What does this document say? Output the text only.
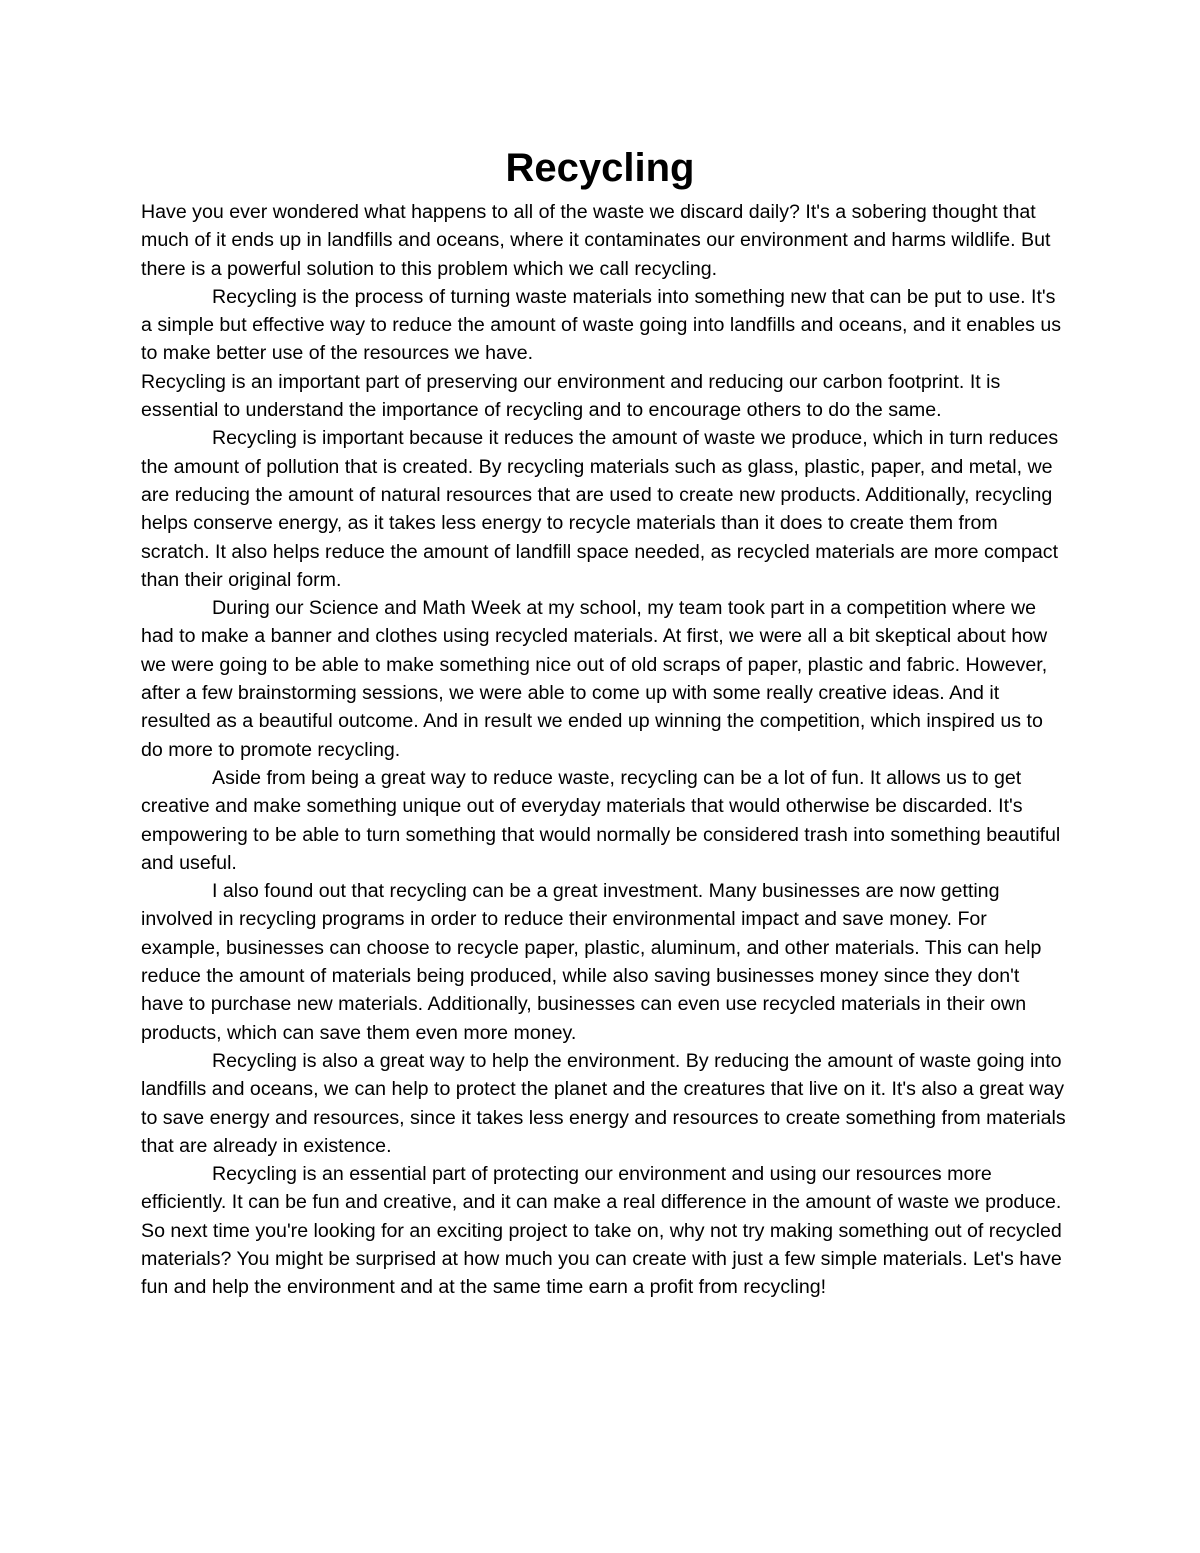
Recycling

Have you ever wondered what happens to all of the waste we discard daily? It's a sobering thought that much of it ends up in landfills and oceans, where it contaminates our environment and harms wildlife. But there is a powerful solution to this problem which we call recycling.

Recycling is the process of turning waste materials into something new that can be put to use. It's a simple but effective way to reduce the amount of waste going into landfills and oceans, and it enables us to make better use of the resources we have.

Recycling is an important part of preserving our environment and reducing our carbon footprint. It is essential to understand the importance of recycling and to encourage others to do the same.

Recycling is important because it reduces the amount of waste we produce, which in turn reduces the amount of pollution that is created. By recycling materials such as glass, plastic, paper, and metal, we are reducing the amount of natural resources that are used to create new products. Additionally, recycling helps conserve energy, as it takes less energy to recycle materials than it does to create them from scratch. It also helps reduce the amount of landfill space needed, as recycled materials are more compact than their original form.

During our Science and Math Week at my school, my team took part in a competition where we had to make a banner and clothes using recycled materials. At first, we were all a bit skeptical about how we were going to be able to make something nice out of old scraps of paper, plastic and fabric. However, after a few brainstorming sessions, we were able to come up with some really creative ideas. And it resulted as a beautiful outcome. And in result we ended up winning the competition, which inspired us to do more to promote recycling.

Aside from being a great way to reduce waste, recycling can be a lot of fun. It allows us to get creative and make something unique out of everyday materials that would otherwise be discarded. It's empowering to be able to turn something that would normally be considered trash into something beautiful and useful.

I also found out that recycling can be a great investment. Many businesses are now getting involved in recycling programs in order to reduce their environmental impact and save money. For example, businesses can choose to recycle paper, plastic, aluminum, and other materials. This can help reduce the amount of materials being produced, while also saving businesses money since they don't have to purchase new materials. Additionally, businesses can even use recycled materials in their own products, which can save them even more money.

Recycling is also a great way to help the environment. By reducing the amount of waste going into landfills and oceans, we can help to protect the planet and the creatures that live on it. It's also a great way to save energy and resources, since it takes less energy and resources to create something from materials that are already in existence.

Recycling is an essential part of protecting our environment and using our resources more efficiently. It can be fun and creative, and it can make a real difference in the amount of waste we produce. So next time you're looking for an exciting project to take on, why not try making something out of recycled materials? You might be surprised at how much you can create with just a few simple materials. Let's have fun and help the environment and at the same time earn a profit from recycling!
